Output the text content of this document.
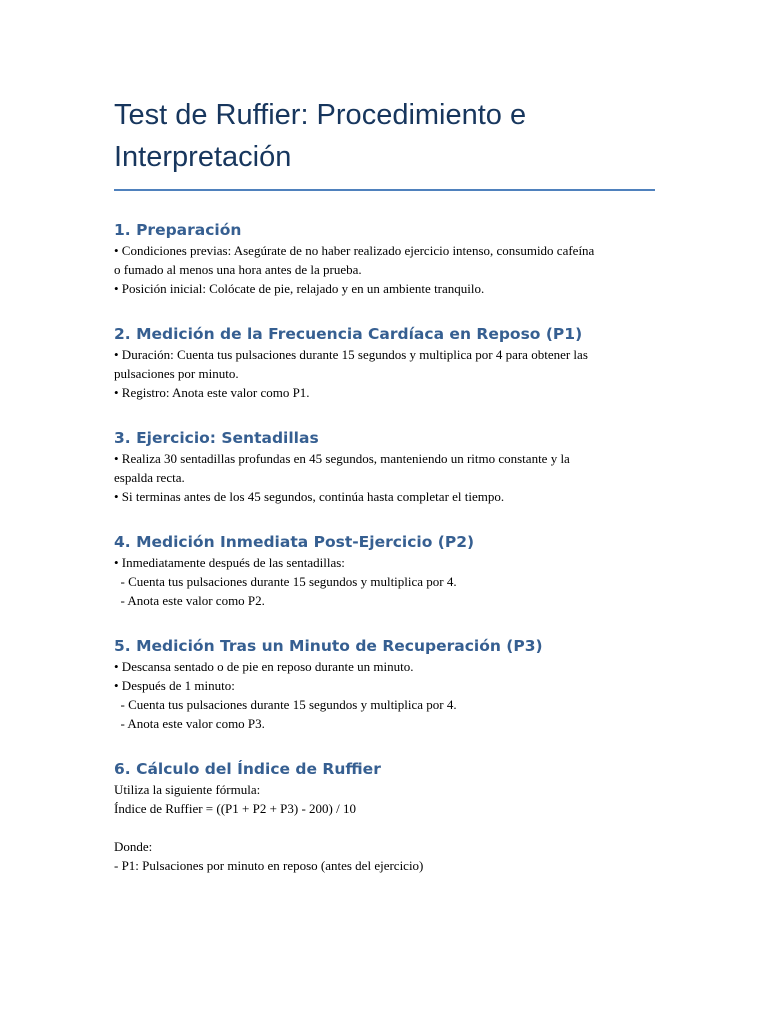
Test de Ruffier: Procedimiento e Interpretación
1. Preparación

• Condiciones previas: Asegúrate de no haber realizado ejercicio intenso, consumido cafeína

o fumado al menos una hora antes de la prueba.

• Posición inicial: Colócate de pie, relajado y en un ambiente tranquilo.

2. Medición de la Frecuencia Cardíaca en Reposo (P1)

• Duración: Cuenta tus pulsaciones durante 15 segundos y multiplica por 4 para obtener las

pulsaciones por minuto.

• Registro: Anota este valor como P1.

3. Ejercicio: Sentadillas

• Realiza 30 sentadillas profundas en 45 segundos, manteniendo un ritmo constante y la

espalda recta.

• Si terminas antes de los 45 segundos, continúa hasta completar el tiempo.

4. Medición Inmediata Post-Ejercicio (P2)

• Inmediatamente después de las sentadillas:

- Cuenta tus pulsaciones durante 15 segundos y multiplica por 4.

- Anota este valor como P2.

5. Medición Tras un Minuto de Recuperación (P3)

• Descansa sentado o de pie en reposo durante un minuto.

• Después de 1 minuto:

- Cuenta tus pulsaciones durante 15 segundos y multiplica por 4.

- Anota este valor como P3.

6. Cálculo del Índice de Ruffier

Utiliza la siguiente fórmula:

Índice de Ruffier = ((P1 + P2 + P3) - 200) / 10

Donde:

- P1: Pulsaciones por minuto en reposo (antes del ejercicio)
